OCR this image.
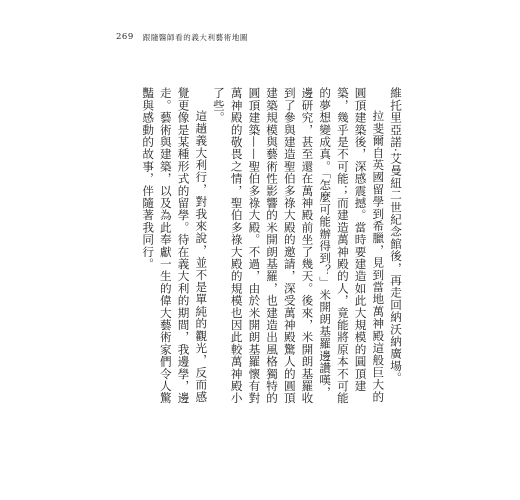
269 跟隨醫師看的義大利藝術地圖

維托里亞諾·艾曼紐二世紀念館後，再走回納沃納廣場。

拉斐爾自英國留學到希臘，見到當地萬神殿這般巨大的圓頂建築後，深感震撼。當時要建造如此大規模的圓頂建築，幾乎是不可能；而建造萬神殿的人，竟能將原本不可能的夢想變成真。「怎麼可能辦得到？」米開朗基羅邊讚嘆，邊研究，甚至還在萬神殿前坐了幾天。後來，米開朗基羅收到了參與建造聖伯多祿大殿的邀請，深受萬神殿驚人的圓頂建築規模與藝術性影響的米開朗基羅，也建造出風格獨特的圓頂建築——聖伯多祿大殿。不過，由於米開朗基羅懷有對萬神殿的敬畏之情，聖伯多祿大殿的規模也因此較萬神殿小了些。

這趟義大利行，對我來說，並不是單純的觀光，反而感覺更像是某種形式的留學。待在義大利的期間，我邊學，邊走。藝術與建築，以及為此奉獻一生的偉大藝術家們令人驚豔與感動的故事，伴隨著我同行。
